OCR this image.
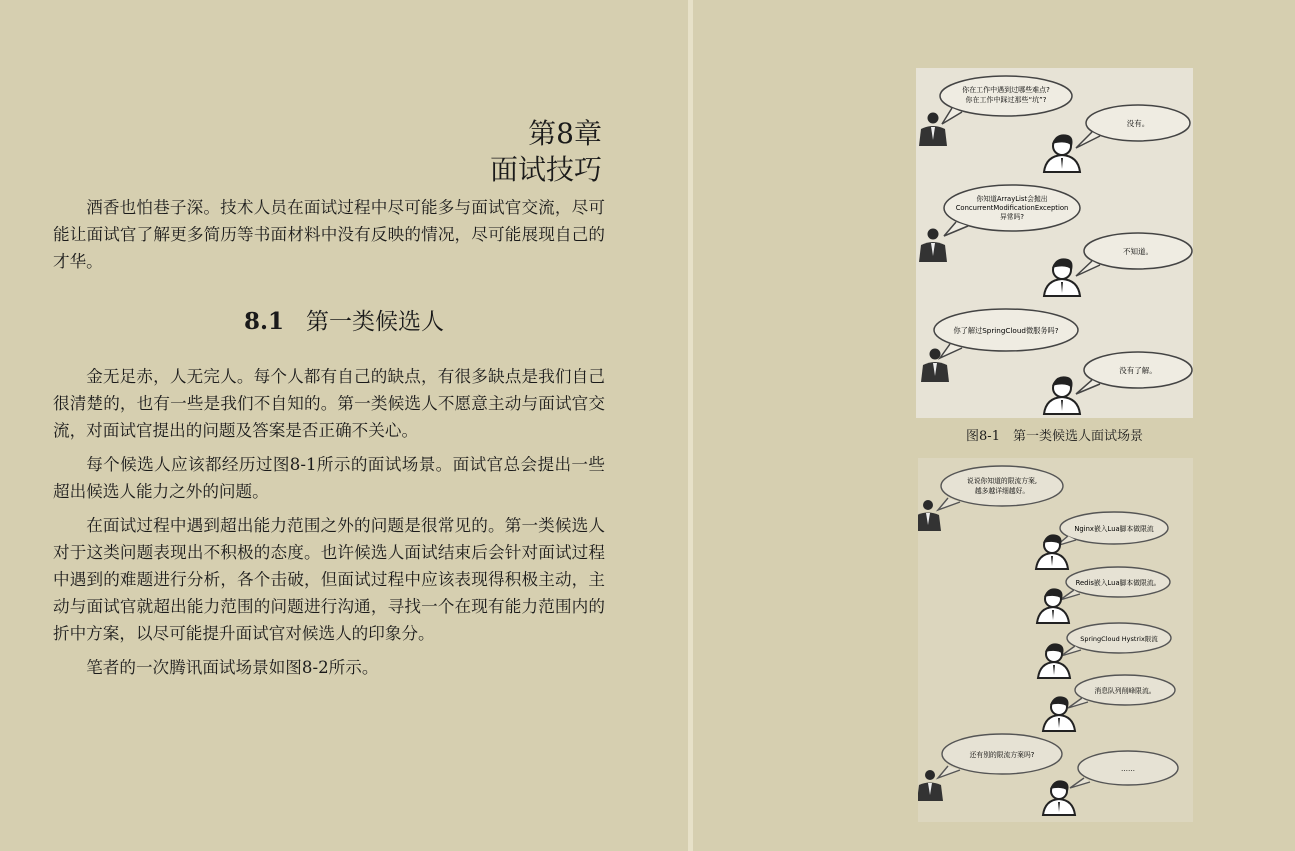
第8章
面试技巧

酒香也怕巷子深。技术人员在面试过程中尽可能多与面试官交流，尽可能让面试官了解更多简历等书面材料中没有反映的情况，尽可能展现自己的才华。

8.1 第一类候选人

金无足赤，人无完人。每个人都有自己的缺点，有很多缺点是我们自己很清楚的，也有一些是我们不自知的。第一类候选人不愿意主动与面试官交流，对面试官提出的问题及答案是否正确不关心。

每个候选人应该都经历过图8-1所示的面试场景。面试官总会提出一些超出候选人能力之外的问题。

在面试过程中遇到超出能力范围之外的问题是很常见的。第一类候选人对于这类问题表现出不积极的态度。也许候选人面试结束后会针对面试过程中遇到的难题进行分析，各个击破，但面试过程中应该表现得积极主动，主动与面试官就超出能力范围的问题进行沟通，寻找一个在现有能力范围内的折中方案，以尽可能提升面试官对候选人的印象分。

笔者的一次腾讯面试场景如图8-2所示。

你在工作中遇到过哪些难点?
你在工作中踩过那些“坑”?
没有。
你知道ArrayList会抛出
ConcurrentModificationException
异常吗?
不知道。
你了解过SpringCloud微服务吗?
没有了解。
图8-1　第一类候选人面试场景
说说你知道的限流方案,
越多越详细越好。
Nginx嵌入Lua脚本做限流
Redis嵌入Lua脚本做限流。
SpringCloud Hystrix限流
消息队列削峰限流。
还有别的限流方案吗?
……
